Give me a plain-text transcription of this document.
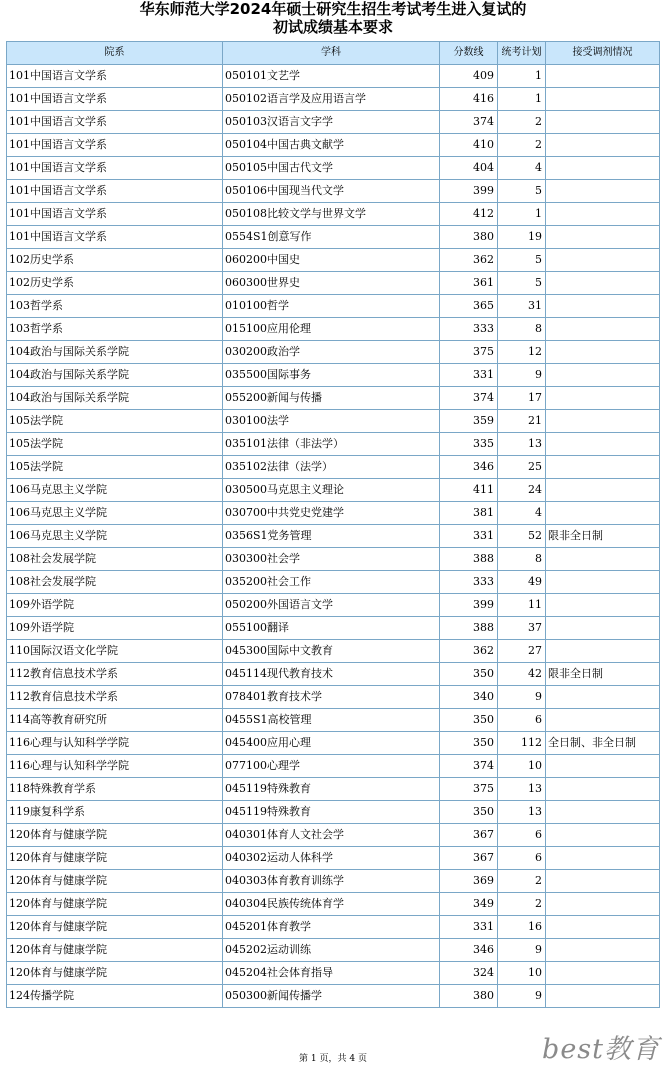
华东师范大学2024年硕士研究生招生考试考生进入复试的
初试成绩基本要求
院系	学科	分数线	统考计划	接受调剂情况
101中国语言文学系	050101文艺学	409	1	
101中国语言文学系	050102语言学及应用语言学	416	1	
101中国语言文学系	050103汉语言文字学	374	2	
101中国语言文学系	050104中国古典文献学	410	2	
101中国语言文学系	050105中国古代文学	404	4	
101中国语言文学系	050106中国现当代文学	399	5	
101中国语言文学系	050108比较文学与世界文学	412	1	
101中国语言文学系	0554S1创意写作	380	19	
102历史学系	060200中国史	362	5	
102历史学系	060300世界史	361	5	
103哲学系	010100哲学	365	31	
103哲学系	015100应用伦理	333	8	
104政治与国际关系学院	030200政治学	375	12	
104政治与国际关系学院	035500国际事务	331	9	
104政治与国际关系学院	055200新闻与传播	374	17	
105法学院	030100法学	359	21	
105法学院	035101法律（非法学）	335	13	
105法学院	035102法律（法学）	346	25	
106马克思主义学院	030500马克思主义理论	411	24	
106马克思主义学院	030700中共党史党建学	381	4	
106马克思主义学院	0356S1党务管理	331	52	限非全日制
108社会发展学院	030300社会学	388	8	
108社会发展学院	035200社会工作	333	49	
109外语学院	050200外国语言文学	399	11	
109外语学院	055100翻译	388	37	
110国际汉语文化学院	045300国际中文教育	362	27	
112教育信息技术学系	045114现代教育技术	350	42	限非全日制
112教育信息技术学系	078401教育技术学	340	9	
114高等教育研究所	0455S1高校管理	350	6	
116心理与认知科学学院	045400应用心理	350	112	全日制、非全日制
116心理与认知科学学院	077100心理学	374	10	
118特殊教育学系	045119特殊教育	375	13	
119康复科学系	045119特殊教育	350	13	
120体育与健康学院	040301体育人文社会学	367	6	
120体育与健康学院	040302运动人体科学	367	6	
120体育与健康学院	040303体育教育训练学	369	2	
120体育与健康学院	040304民族传统体育学	349	2	
120体育与健康学院	045201体育教学	331	16	
120体育与健康学院	045202运动训练	346	9	
120体育与健康学院	045204社会体育指导	324	10	
124传播学院	050300新闻传播学	380	9	
第 1 页，共 4 页	best教育
